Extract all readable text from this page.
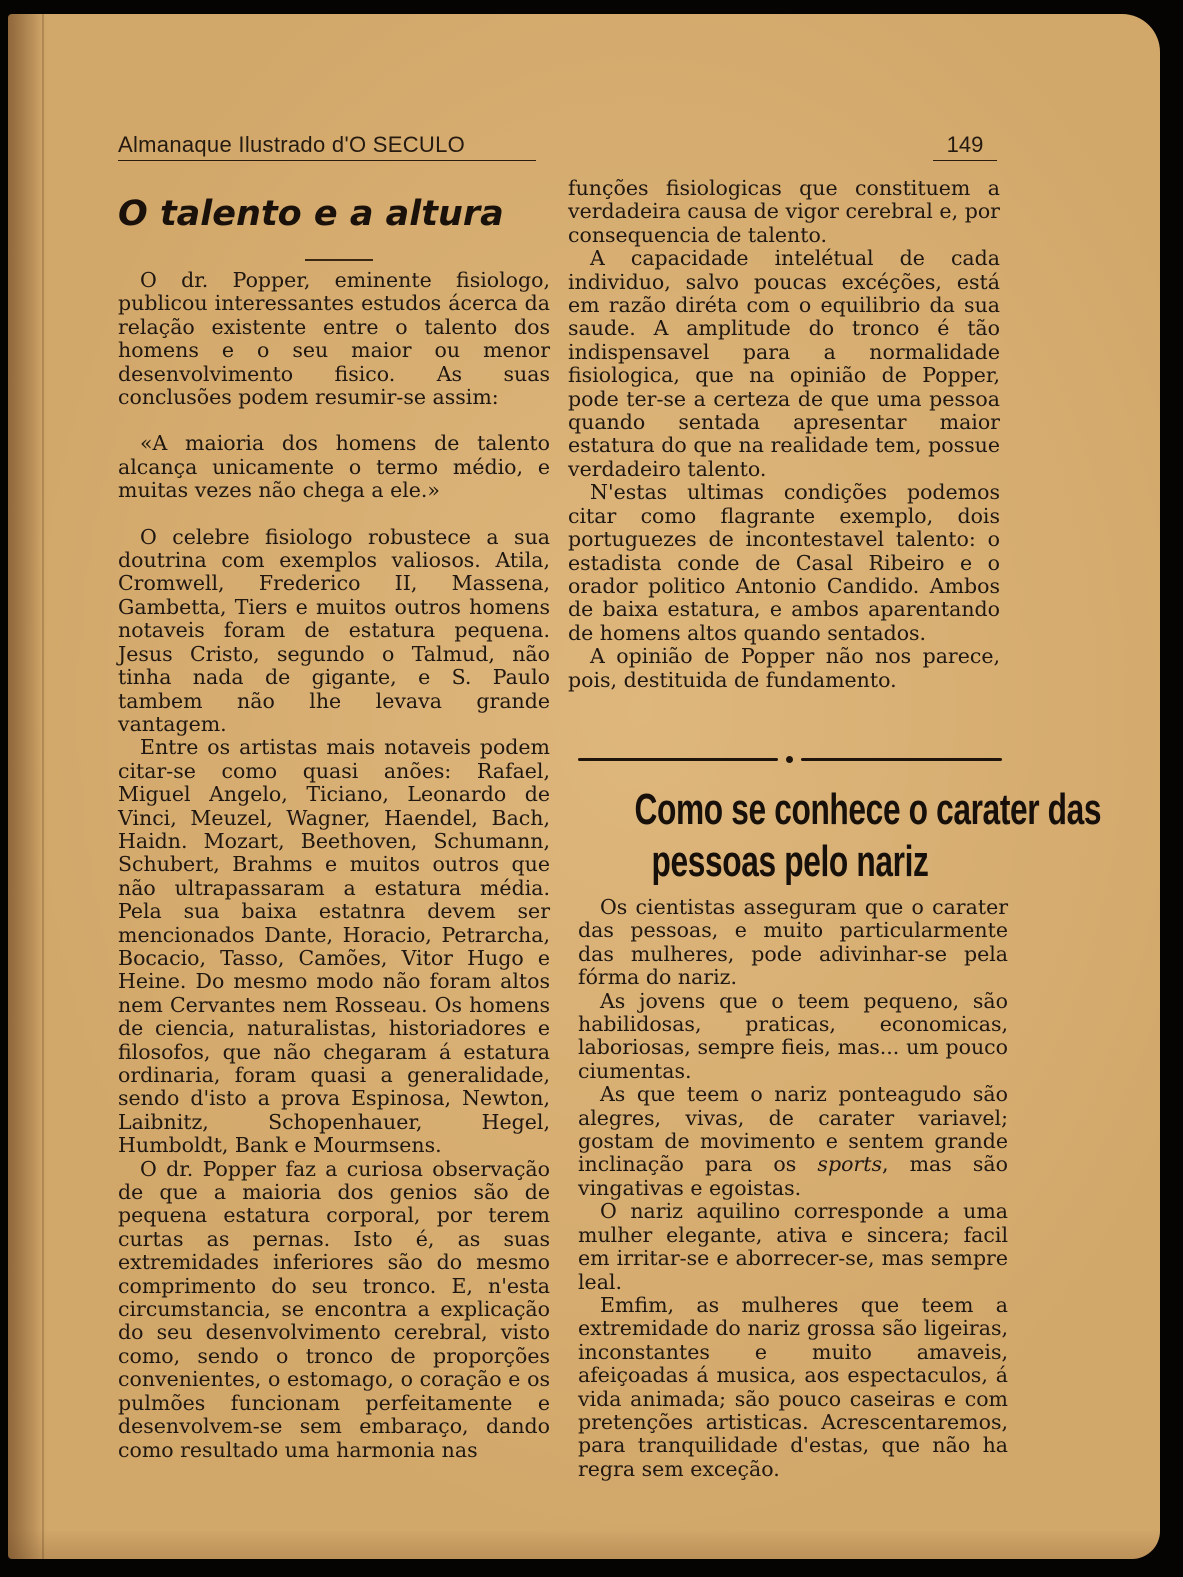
Almanaque Ilustrado d'O SECULO	149
O talento e a altura

O dr. Popper, eminente fisiologo, publicou interessantes estudos ácerca da relação existente entre o talento dos homens e o seu maior ou menor desenvolvimento fisico. As suas conclusões podem resumir-se assim:

«A maioria dos homens de talento alcança unicamente o termo médio, e muitas vezes não chega a ele.»

O celebre fisiologo robustece a sua doutrina com exemplos valiosos. Atila, Cromwell, Frederico II, Massena, Gambetta, Tiers e muitos outros homens notaveis foram de estatura pequena. Jesus Cristo, segundo o Talmud, não tinha nada de gigante, e S. Paulo tambem não lhe levava grande vantagem.

Entre os artistas mais notaveis podem citar-se como quasi anões: Rafael, Miguel Angelo, Ticiano, Leonardo de Vinci, Meuzel, Wagner, Haendel, Bach, Haidn. Mozart, Beethoven, Schumann, Schubert, Brahms e muitos outros que não ultrapassaram a estatura média. Pela sua baixa estatnra devem ser mencionados Dante, Horacio, Petrarcha, Bocacio, Tasso, Camões, Vitor Hugo e Heine. Do mesmo modo não foram altos nem Cervantes nem Rosseau. Os homens de ciencia, naturalistas, historiadores e filosofos, que não chegaram á estatura ordinaria, foram quasi a generalidade, sendo d'isto a prova Espinosa, Newton, Laibnitz, Schopenhauer, Hegel, Humboldt, Bank e Mourmsens.

O dr. Popper faz a curiosa observação de que a maioria dos genios são de pequena estatura corporal, por terem curtas as pernas. Isto é, as suas extremidades inferiores são do mesmo comprimento do seu tronco. E, n'esta circumstancia, se encontra a explicação do seu desenvolvimento cerebral, visto como, sendo o tronco de proporções convenientes, o estomago, o coração e os pulmões funcionam perfeitamente e desenvolvem-se sem embaraço, dando como resultado uma harmonia nas

funções fisiologicas que constituem a verdadeira causa de vigor cerebral e, por consequencia de talento.

A capacidade intelétual de cada individuo, salvo poucas excéções, está em razão diréta com o equilibrio da sua saude. A amplitude do tronco é tão indispensavel para a normalidade fisiologica, que na opinião de Popper, pode ter-se a certeza de que uma pessoa quando sentada apresentar maior estatura do que na realidade tem, possue verdadeiro talento.

N'estas ultimas condições podemos citar como flagrante exemplo, dois portuguezes de incontestavel talento: o estadista conde de Casal Ribeiro e o orador politico Antonio Candido. Ambos de baixa estatura, e ambos aparentando de homens altos quando sentados.

A opinião de Popper não nos parece, pois, destituida de fundamento.

Como se conhece o carater das
pessoas pelo nariz

Os cientistas asseguram que o carater das pessoas, e muito particularmente das mulheres, pode adivinhar-se pela fórma do nariz.

As jovens que o teem pequeno, são habilidosas, praticas, economicas, laboriosas, sempre fieis, mas... um pouco ciumentas.

As que teem o nariz ponteagudo são alegres, vivas, de carater variavel; gostam de movimento e sentem grande inclinação para os sports, mas são vingativas e egoistas.

O nariz aquilino corresponde a uma mulher elegante, ativa e sincera; facil em irritar-se e aborrecer-se, mas sempre leal.

Emfim, as mulheres que teem a extremidade do nariz grossa são ligeiras, inconstantes e muito amaveis, afeiçoadas á musica, aos espectaculos, á vida animada; são pouco caseiras e com pretenções artisticas. Acrescentaremos, para tranquilidade d'estas, que não ha regra sem exceção.
